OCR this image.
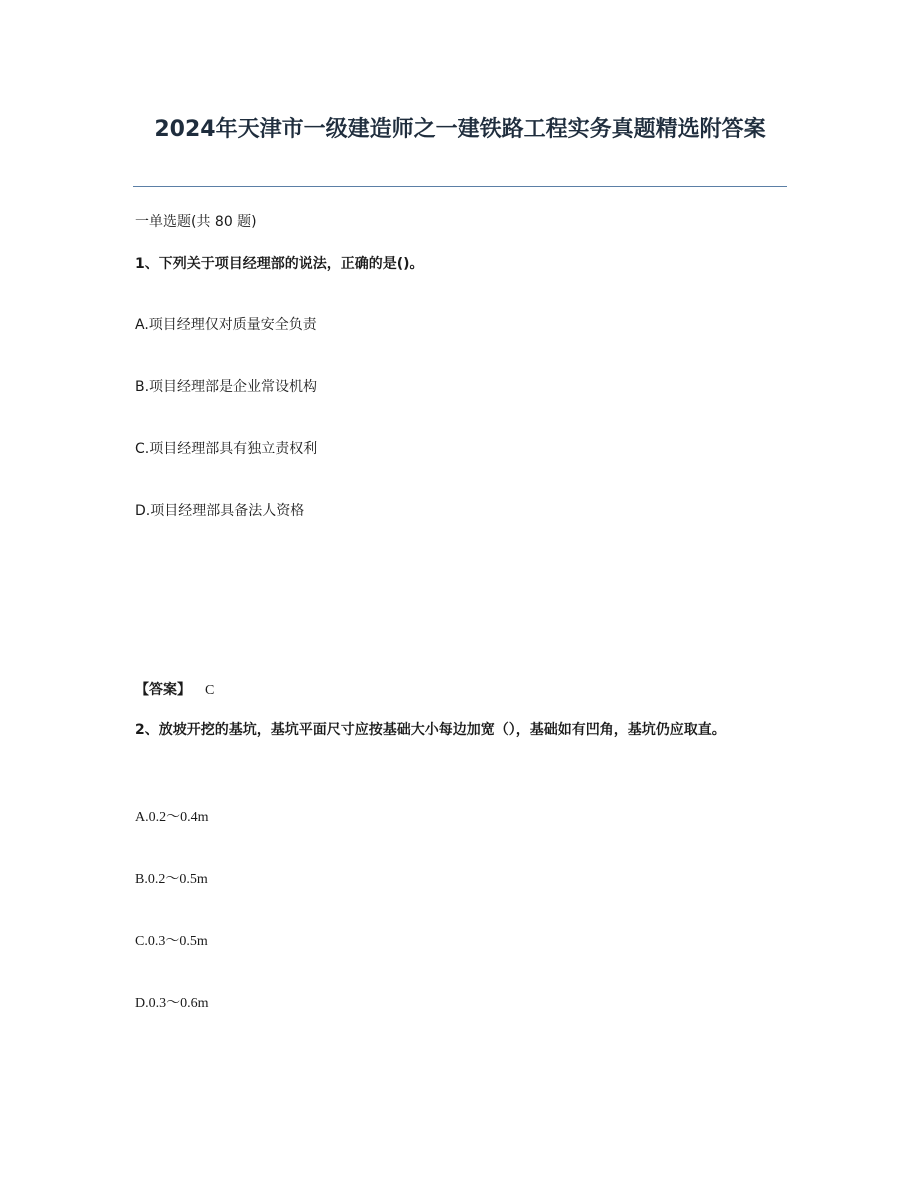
2024年天津市一级建造师之一建铁路工程实务真题精选附答案
一单选题(共 80 题)
1、下列关于项目经理部的说法，正确的是()。
A.项目经理仅对质量安全负责
B.项目经理部是企业常设机构
C.项目经理部具有独立责权利
D.项目经理部具备法人资格
【答案】 C
2、放坡开挖的基坑，基坑平面尺寸应按基础大小每边加宽（），基础如有凹角，基坑仍应取直。
A.0.2～0.4m
B.0.2～0.5m
C.0.3～0.5m
D.0.3～0.6m
